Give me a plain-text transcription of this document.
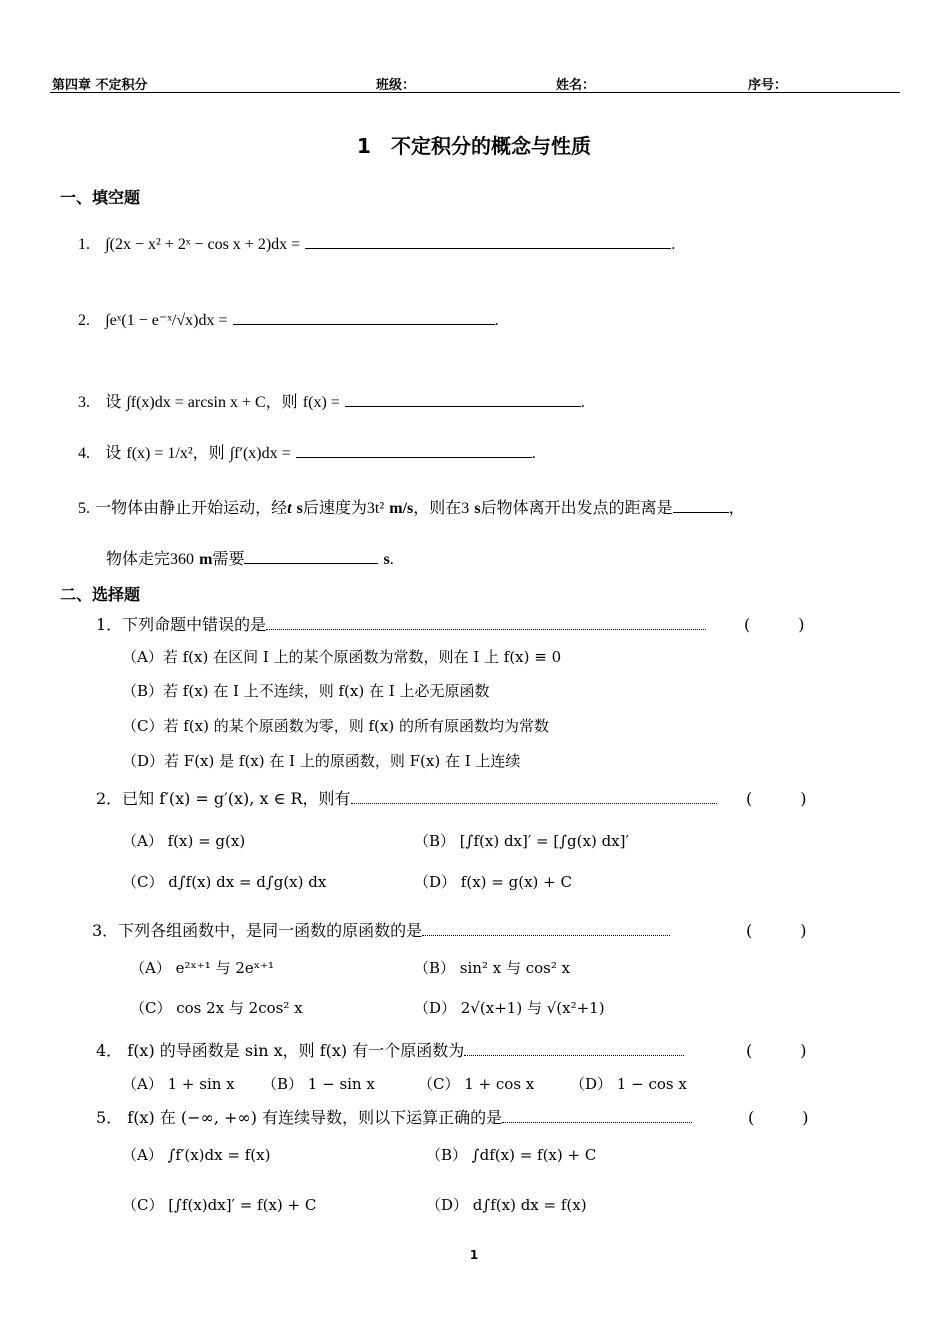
第四章 不定积分	班级：	姓名：	序号：
1　不定积分的概念与性质
一、填空题
1. ∫(2x − x² + 2ˣ − cos x + 2)dx =	.
2. ∫eˣ(1 − e⁻ˣ/√x)dx =	.
3. 设 ∫f(x)dx = arcsin x + C，则 f(x) =	.
4. 设 f(x) = 1/x²，则 ∫f′(x)dx =	.
5. 一物体由静止开始运动，经t s后速度为3t² m/s，则在3 s后物体离开出发点的距离是	，
物体走完360 m需要	s.
二、选择题
1．下列命题中错误的是	(　　　)
（A）若 f(x) 在区间 I 上的某个原函数为常数，则在 I 上 f(x) ≡ 0
（B）若 f(x) 在 I 上不连续，则 f(x) 在 I 上必无原函数
（C）若 f(x) 的某个原函数为零，则 f(x) 的所有原函数均为常数
（D）若 F(x) 是 f(x) 在 I 上的原函数，则 F(x) 在 I 上连续
2．已知 f′(x) = g′(x), x ∈ R，则有	(　　　)
（A） f(x) = g(x)	（B） [∫f(x) dx]′ = [∫g(x) dx]′
（C） d∫f(x) dx = d∫g(x) dx	（D） f(x) = g(x) + C
3．下列各组函数中，是同一函数的原函数的是	(　　　)
（A） e²ˣ⁺¹ 与 2eˣ⁺¹	（B） sin² x 与 cos² x
（C） cos 2x 与 2cos² x	（D） 2√(x+1) 与 √(x²+1)
4． f(x) 的导函数是 sin x，则 f(x) 有一个原函数为	(　　　)
（A） 1 + sin x （B） 1 − sin x	（C） 1 + cos x （D） 1 − cos x
5． f(x) 在 (−∞, +∞) 有连续导数，则以下运算正确的是	(　　　)
（A） ∫f′(x)dx = f(x)	（B） ∫df(x) = f(x) + C
（C） [∫f(x)dx]′ = f(x) + C	（D） d∫f(x) dx = f(x)
1
